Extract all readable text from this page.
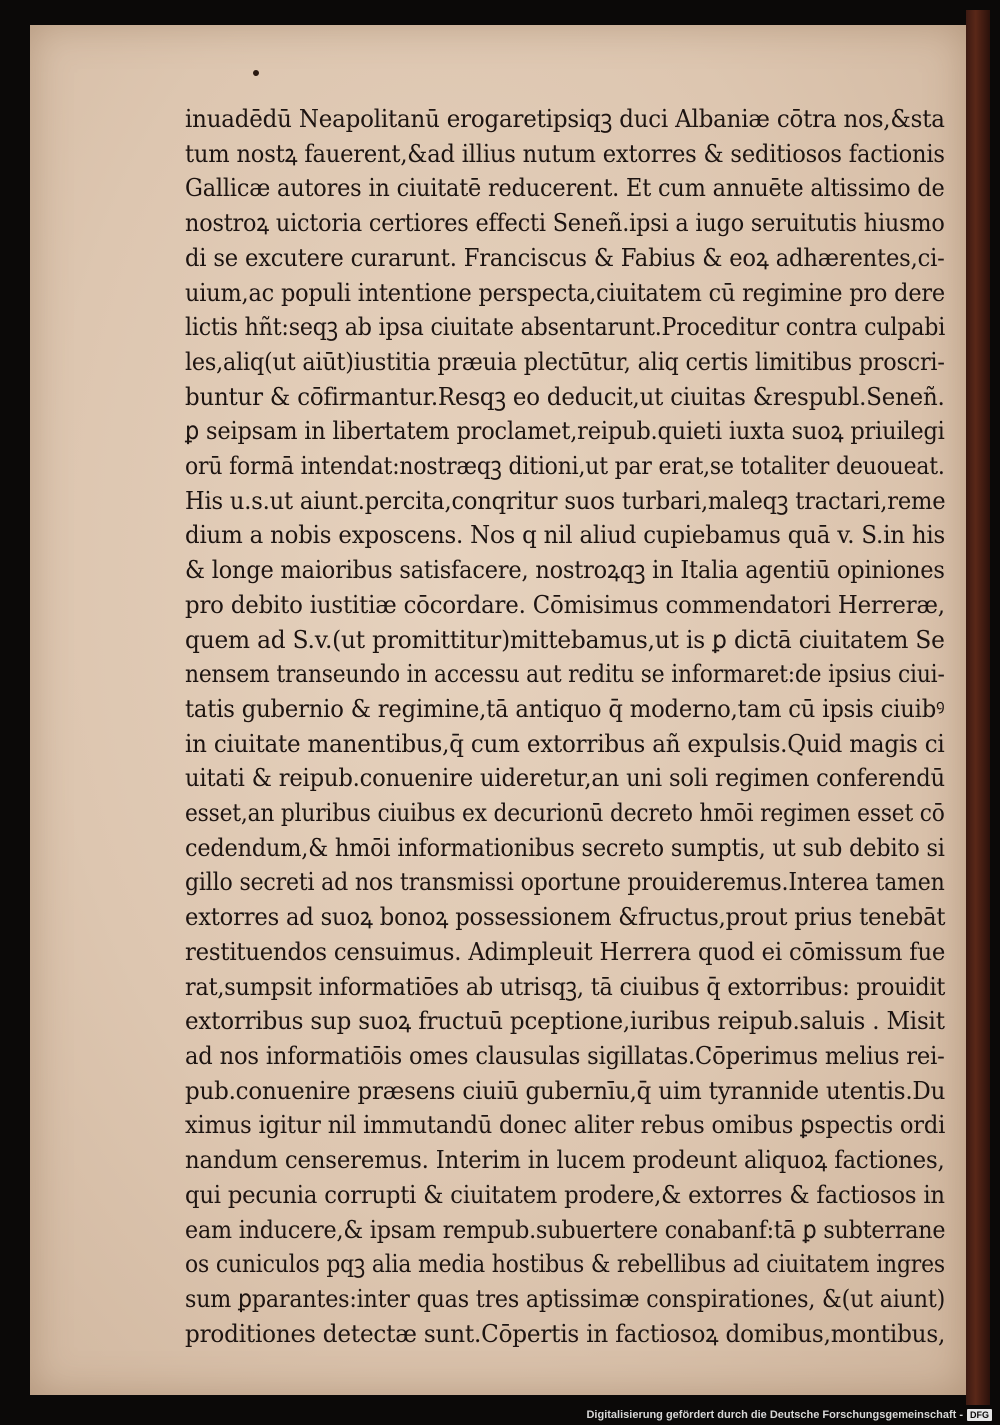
inuadēdū Neapolitanū erogaretipsiqꝫ duci Albaniæ cōtra nos,&sta
tum nostꝝ fauerent,&ad illius nutum extorres & seditiosos factionis
Gallicæ autores in ciuitatē reducerent. Et cum annuēte altissimo de
nostroꝝ uictoria certiores effecti Seneñ.ipsi a iugo seruitutis hiusmo
di se excutere curarunt. Franciscus & Fabius & eoꝝ adhærentes,ci-
uium,ac populi intentione perspecta,ciuitatem cū regimine pro dere
lictis hñt:seqꝫ ab ipsa ciuitate absentarunt.Proceditur contra culpabi
les,aliq(ut aiūt)iustitia præuia plectūtur, aliq certis limitibus proscri-
buntur & cōfirmantur.Resqꝫ eo deducit,ut ciuitas &respubl.Seneñ.
ꝑ seipsam in libertatem proclamet,reipub.quieti iuxta suoꝝ priuilegi
orū formā intendat:nostræqꝫ ditioni,ut par erat,se totaliter deuoueat.
His u.s.ut aiunt.percita,conqritur suos turbari,maleqꝫ tractari,reme
dium a nobis exposcens. Nos q nil aliud cupiebamus quā v. S.in his
& longe maioribus satisfacere, nostroꝝqꝫ in Italia agentiū opiniones
pro debito iustitiæ cōcordare. Cōmisimus commendatori Herreræ,
quem ad S.v.(ut promittitur)mittebamus,ut is ꝑ dictā ciuitatem Se
nensem transeundo in accessu aut reditu se informaret:de ipsius ciui-
tatis gubernio & regimine,tā antiquo q̄ moderno,tam cū ipsis ciuibꝰ
in ciuitate manentibus,q̄ cum extorribus añ expulsis.Quid magis ci
uitati & reipub.conuenire uideretur,an uni soli regimen conferendū
esset,an pluribus ciuibus ex decurionū decreto hmōi regimen esset cō
cedendum,& hmōi informationibus secreto sumptis, ut sub debito si
gillo secreti ad nos transmissi oportune prouideremus.Interea tamen
extorres ad suoꝝ bonoꝝ possessionem &fructus,prout prius tenebāt
restituendos censuimus. Adimpleuit Herrera quod ei cōmissum fue
rat,sumpsit informatiōes ab utrisqꝫ, tā ciuibus q̄ extorribus: prouidit
extorribus sup suoꝝ fructuū pceptione,iuribus reipub.saluis . Misit
ad nos informatiōis omes clausulas sigillatas.Cōperimus melius rei-
pub.conuenire præsens ciuiū gubernīu,q̄ uim tyrannide utentis.Du
ximus igitur nil immutandū donec aliter rebus omibus ꝑspectis ordi
nandum censeremus. Interim in lucem prodeunt aliquoꝝ factiones,
qui pecunia corrupti & ciuitatem prodere,& extorres & factiosos in
eam inducere,& ipsam rempub.subuertere conabanf:tā ꝑ subterrane
os cuniculos pqꝫ alia media hostibus & rebellibus ad ciuitatem ingres
sum ꝑparantes:inter quas tres aptissimæ conspirationes, &(ut aiunt)
proditiones detectæ sunt.Cōpertis in factiosoꝝ domibus,montibus,
Digitalisierung gefördert durch die Deutsche Forschungsgemeinschaft - DFG
